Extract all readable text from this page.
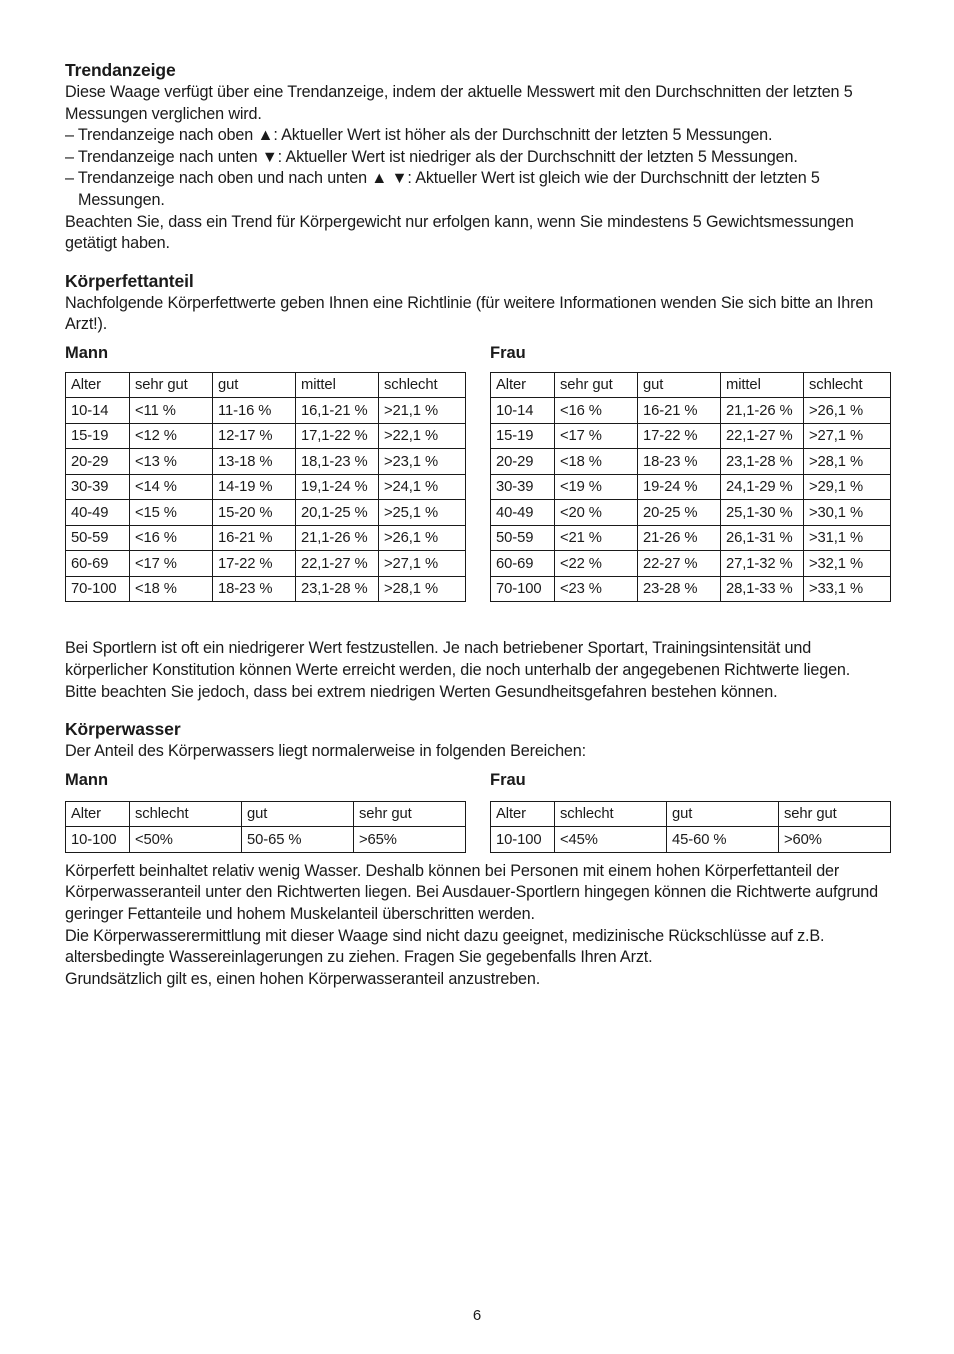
Trendanzeige

Diese Waage verfügt über eine Trendanzeige, indem der aktuelle Messwert mit den Durchschnitten der letzten 5 Messungen verglichen wird.

– Trendanzeige nach oben ▲: Aktueller Wert ist höher als der Durchschnitt der letzten 5 Messungen.

– Trendanzeige nach unten ▼: Aktueller Wert ist niedriger als der Durchschnitt der letzten 5 Messungen.

– Trendanzeige nach oben und nach unten ▲ ▼: Aktueller Wert ist gleich wie der Durchschnitt der letzten 5 Messungen.

Beachten Sie, dass ein Trend für Körpergewicht nur erfolgen kann, wenn Sie mindestens 5 Gewichtsmessungen getätigt haben.

Körperfettanteil

Nachfolgende Körperfettwerte geben Ihnen eine Richtlinie (für weitere Informationen wenden Sie sich bitte an Ihren Arzt!).

Mann
Alter	sehr gut	gut	mittel	schlecht
10-14	<11 %	11-16 %	16,1-21 %	>21,1 %
15-19	<12 %	12-17 %	17,1-22 %	>22,1 %
20-29	<13 %	13-18 %	18,1-23 %	>23,1 %
30-39	<14 %	14-19 %	19,1-24 %	>24,1 %
40-49	<15 %	15-20 %	20,1-25 %	>25,1 %
50-59	<16 %	16-21 %	21,1-26 %	>26,1 %
60-69	<17 %	17-22 %	22,1-27 %	>27,1 %
70-100	<18 %	18-23 %	23,1-28 %	>28,1 %
Frau
Alter	sehr gut	gut	mittel	schlecht
10-14	<16 %	16-21 %	21,1-26 %	>26,1 %
15-19	<17 %	17-22 %	22,1-27 %	>27,1 %
20-29	<18 %	18-23 %	23,1-28 %	>28,1 %
30-39	<19 %	19-24 %	24,1-29 %	>29,1 %
40-49	<20 %	20-25 %	25,1-30 %	>30,1 %
50-59	<21 %	21-26 %	26,1-31 %	>31,1 %
60-69	<22 %	22-27 %	27,1-32 %	>32,1 %
70-100	<23 %	23-28 %	28,1-33 %	>33,1 %

Bei Sportlern ist oft ein niedrigerer Wert festzustellen. Je nach betriebener Sportart, Trainingsintensität und körperlicher Konstitution können Werte erreicht werden, die noch unterhalb der angegebenen Richtwerte liegen.

Bitte beachten Sie jedoch, dass bei extrem niedrigen Werten Gesundheitsgefahren bestehen können.

Körperwasser

Der Anteil des Körperwassers liegt normalerweise in folgenden Bereichen:

Mann
Alter	schlecht	gut	sehr gut
10-100	<50%	50-65 %	>65%
Frau
Alter	schlecht	gut	sehr gut
10-100	<45%	45-60 %	>60%

Körperfett beinhaltet relativ wenig Wasser. Deshalb können bei Personen mit einem hohen Körperfettanteil der Körperwasseranteil unter den Richtwerten liegen. Bei Ausdauer-Sportlern hingegen können die Richtwerte aufgrund geringer Fettanteile und hohem Muskelanteil überschritten werden.

Die Körperwasserermittlung mit dieser Waage sind nicht dazu geeignet, medizinische Rückschlüsse auf z.B. altersbedingte Wassereinlagerungen zu ziehen. Fragen Sie gegebenfalls Ihren Arzt.

Grundsätzlich gilt es, einen hohen Körperwasseranteil anzustreben.

6
